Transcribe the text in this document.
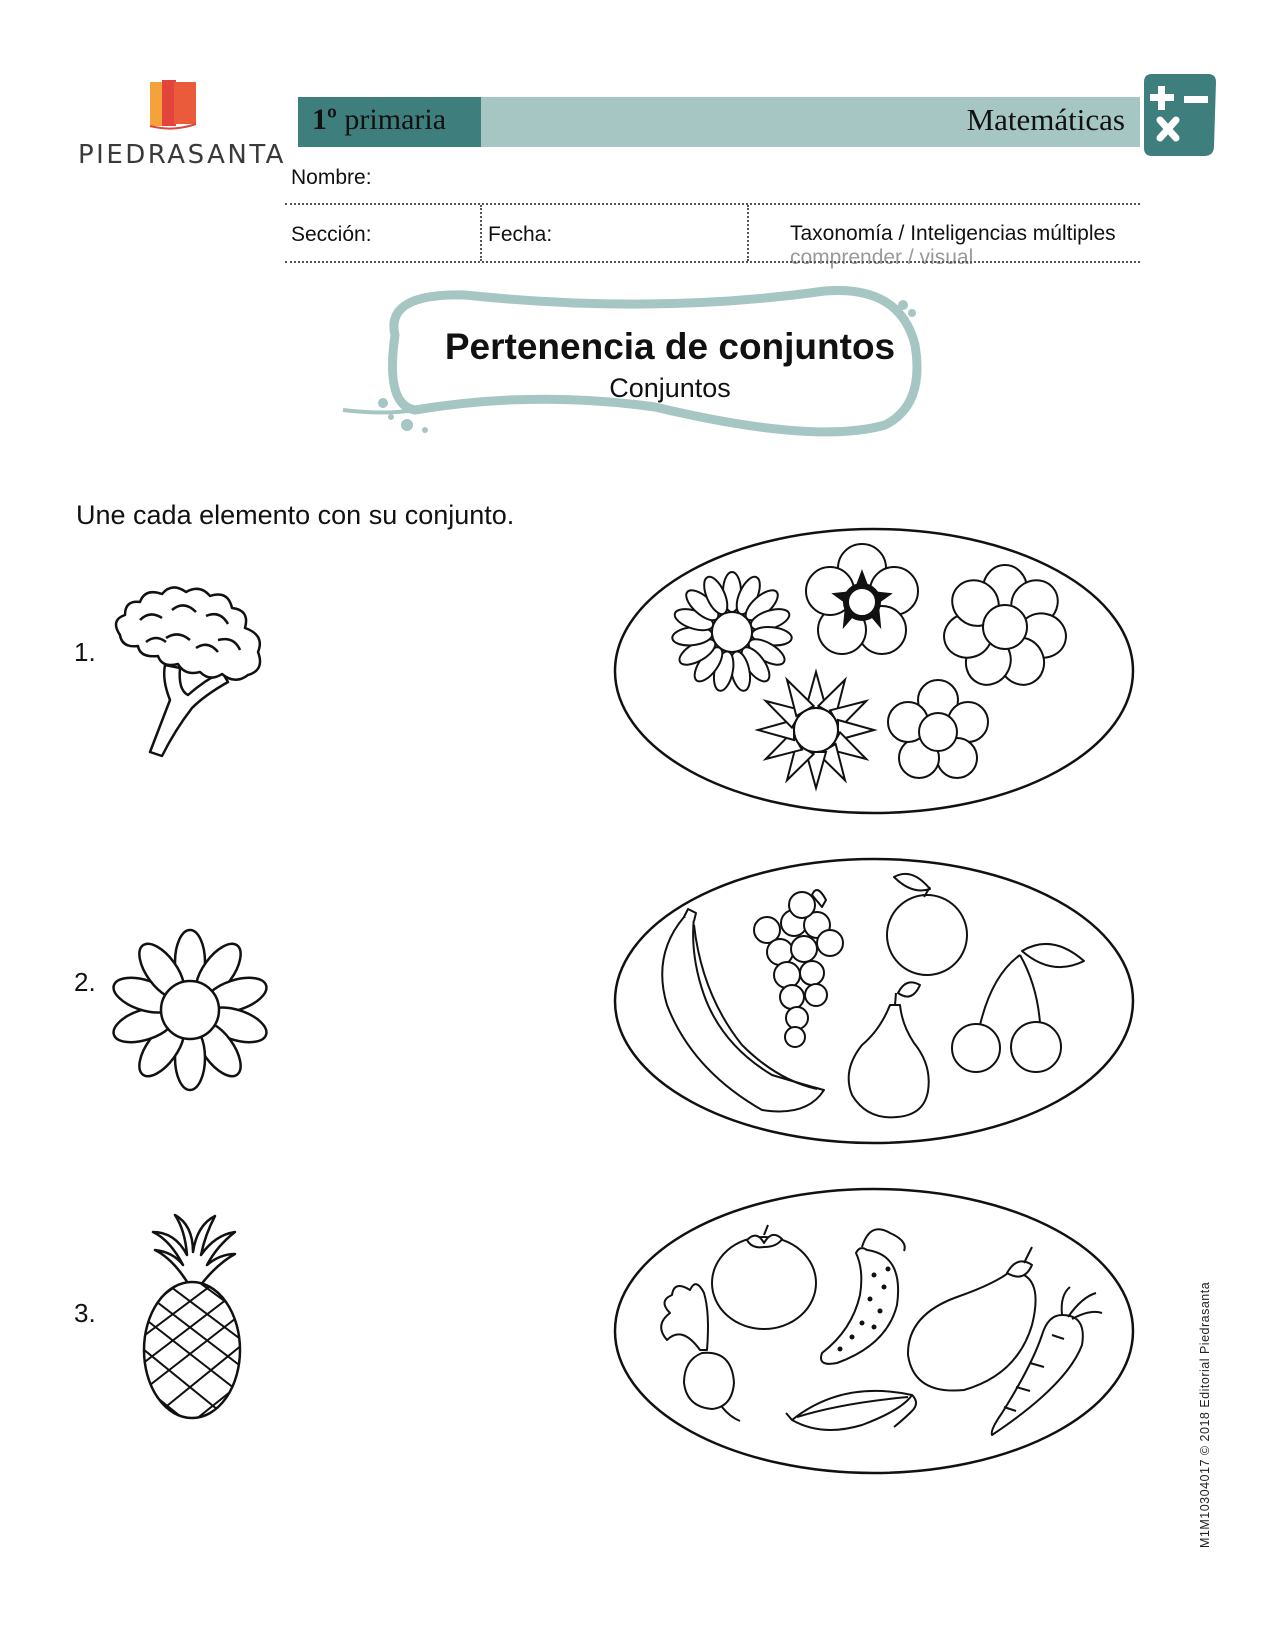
PIEDRASANTA
1º primaria	Matemáticas
Nombre:
Sección:	Fecha:	Taxonomía / Inteligencias múltiples
comprender / visual
Pertenencia de conjuntos
Conjuntos
Une cada elemento con su conjunto.
1.
2.
3.	M1M10304017 © 2018 Editorial Piedrasanta
